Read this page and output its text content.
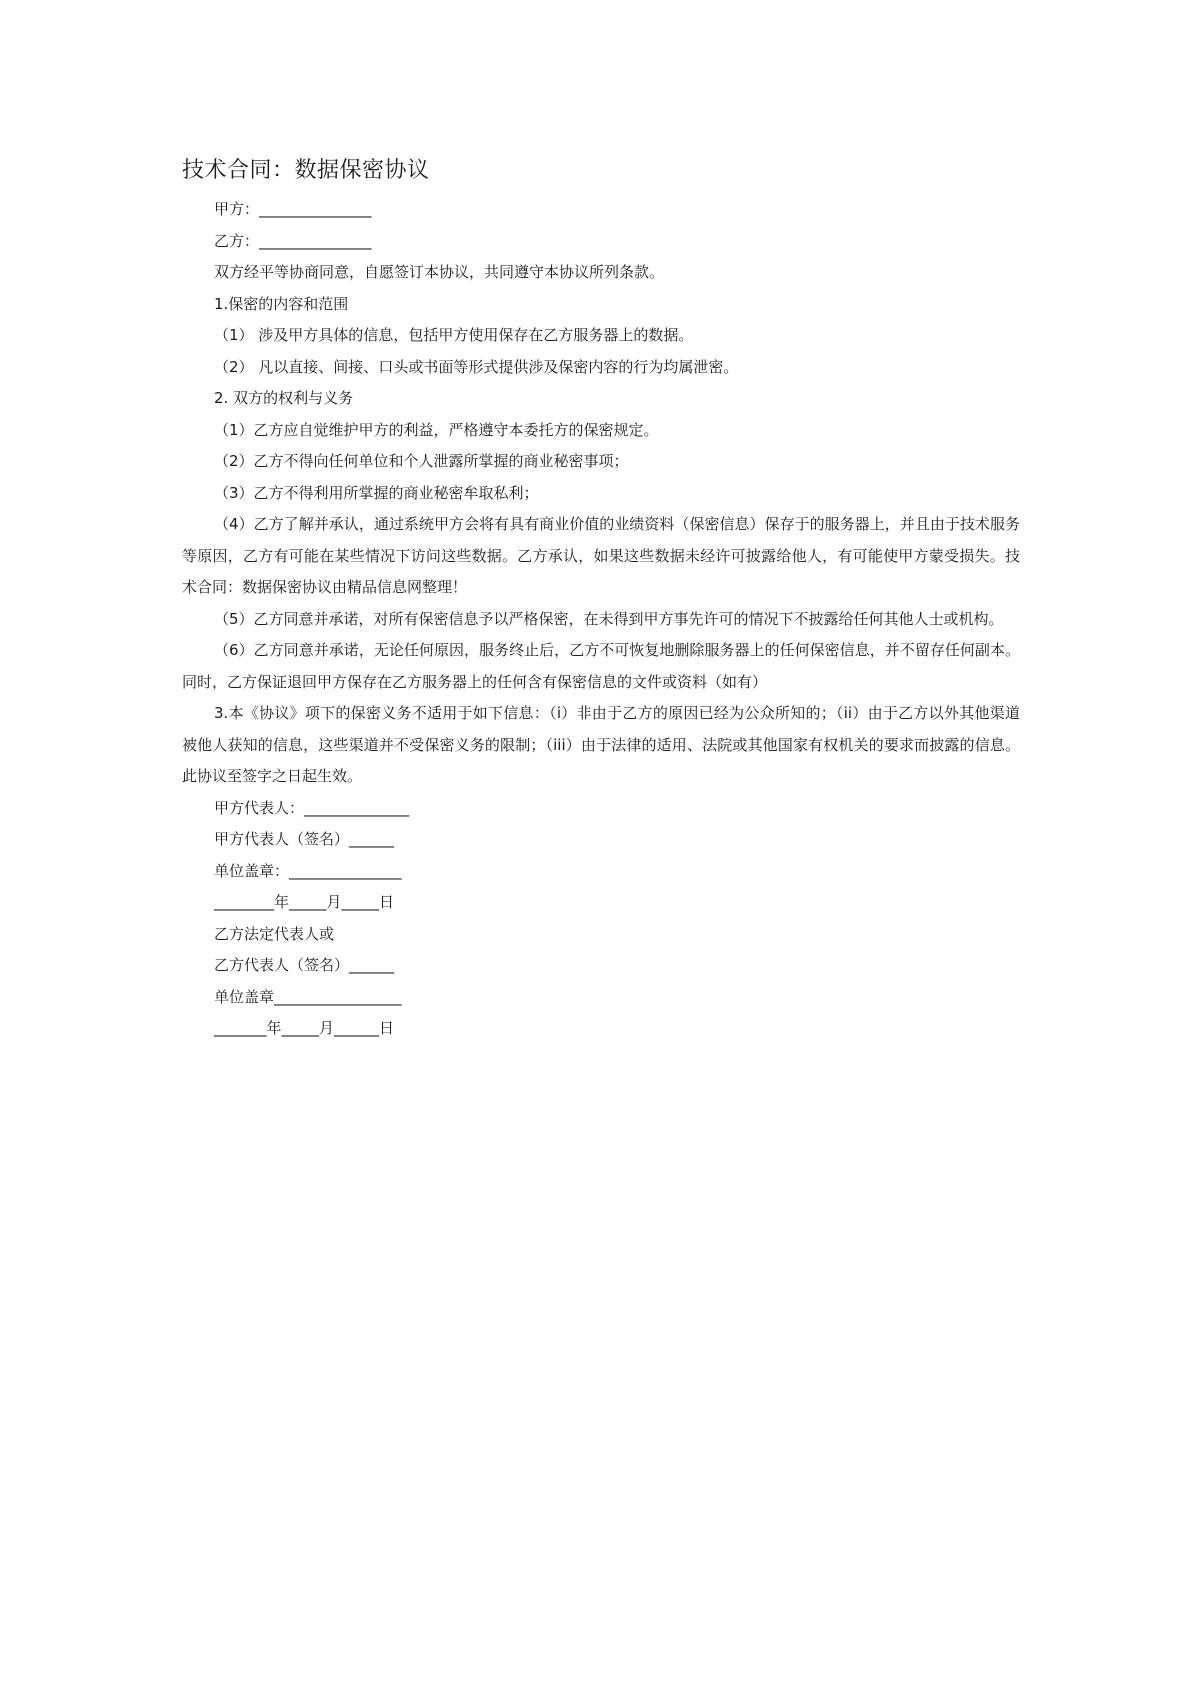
技术合同：数据保密协议

甲方：_______________

乙方：_______________

双方经平等协商同意，自愿签订本协议，共同遵守本协议所列条款。

1.保密的内容和范围

（1） 涉及甲方具体的信息，包括甲方使用保存在乙方服务器上的数据。

（2） 凡以直接、间接、口头或书面等形式提供涉及保密内容的行为均属泄密。

2. 双方的权利与义务

（1）乙方应自觉维护甲方的利益，严格遵守本委托方的保密规定。

（2）乙方不得向任何单位和个人泄露所掌握的商业秘密事项；

（3）乙方不得利用所掌握的商业秘密牟取私利；

（4）乙方了解并承认，通过系统甲方会将有具有商业价值的业绩资料（保密信息）保存于的服务器上，并且由于技术服务等原因，乙方有可能在某些情况下访问这些数据。乙方承认，如果这些数据未经许可披露给他人，有可能使甲方蒙受损失。技术合同：数据保密协议由精品信息网整理！

（5）乙方同意并承诺，对所有保密信息予以严格保密，在未得到甲方事先许可的情况下不披露给任何其他人士或机构。

（6）乙方同意并承诺，无论任何原因，服务终止后，乙方不可恢复地删除服务器上的任何保密信息，并不留存任何副本。同时，乙方保证退回甲方保存在乙方服务器上的任何含有保密信息的文件或资料（如有）

3.本《协议》项下的保密义务不适用于如下信息：（i）非由于乙方的原因已经为公众所知的；（ii）由于乙方以外其他渠道被他人获知的信息，这些渠道并不受保密义务的限制；（iii）由于法律的适用、法院或其他国家有权机关的要求而披露的信息。此协议至签字之日起生效。

甲方代表人：______________

甲方代表人（签名）______

单位盖章：_______________

________年_____月_____日

乙方法定代表人或

乙方代表人（签名）______

单位盖章_________________

_______年_____月______日
